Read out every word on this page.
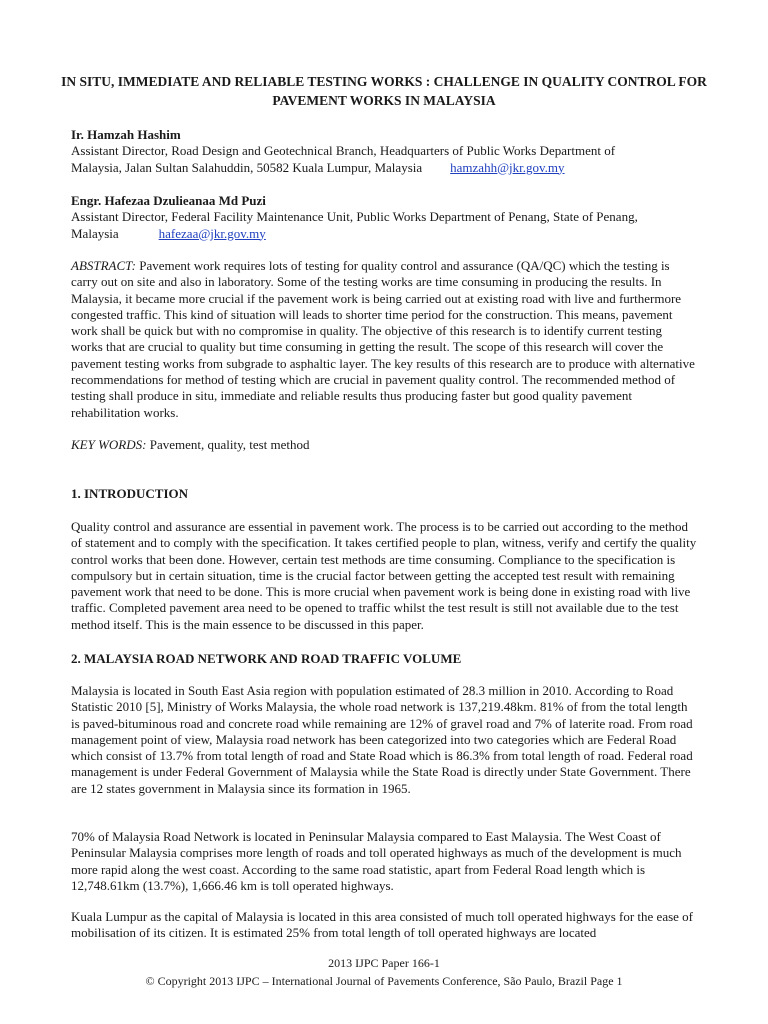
IN SITU, IMMEDIATE AND RELIABLE TESTING WORKS : CHALLENGE IN QUALITY CONTROL FOR PAVEMENT WORKS IN MALAYSIA
Ir. Hamzah Hashim
Assistant Director, Road Design and Geotechnical Branch, Headquarters of Public Works Department of
Malaysia, Jalan Sultan Salahuddin, 50582 Kuala Lumpur, Malaysia hamzahh@jkr.gov.my
Engr. Hafezaa Dzulieanaa Md Puzi
Assistant Director, Federal Facility Maintenance Unit, Public Works Department of Penang, State of Penang,
Malaysia	hafezaa@jkr.gov.my

ABSTRACT: Pavement work requires lots of testing for quality control and assurance (QA/QC) which the testing is carry out on site and also in laboratory. Some of the testing works are time consuming in producing the results. In Malaysia, it became more crucial if the pavement work is being carried out at existing road with live and furthermore congested traffic. This kind of situation will leads to shorter time period for the construction. This means, pavement work shall be quick but with no compromise in quality. The objective of this research is to identify current testing works that are crucial to quality but time consuming in getting the result. The scope of this research will cover the pavement testing works from subgrade to asphaltic layer. The key results of this research are to produce with alternative recommendations for method of testing which are crucial in pavement quality control. The recommended method of testing shall produce in situ, immediate and reliable results thus producing faster but good quality pavement rehabilitation works.

KEY WORDS: Pavement, quality, test method

1. INTRODUCTION

Quality control and assurance are essential in pavement work. The process is to be carried out according to the method of statement and to comply with the specification. It takes certified people to plan, witness, verify and certify the quality control works that been done. However, certain test methods are time consuming. Compliance to the specification is compulsory but in certain situation, time is the crucial factor between getting the accepted test result with remaining pavement work that need to be done. This is more crucial when pavement work is being done in existing road with live traffic. Completed pavement area need to be opened to traffic whilst the test result is still not available due to the test method itself. This is the main essence to be discussed in this paper.

2. MALAYSIA ROAD NETWORK AND ROAD TRAFFIC VOLUME

Malaysia is located in South East Asia region with population estimated of 28.3 million in 2010. According to Road Statistic 2010 [5], Ministry of Works Malaysia, the whole road network is 137,219.48km. 81% of from the total length is paved-bituminous road and concrete road while remaining are 12% of gravel road and 7% of laterite road. From road management point of view, Malaysia road network has been categorized into two categories which are Federal Road which consist of 13.7% from total length of road and State Road which is 86.3% from total length of road. Federal road management is under Federal Government of Malaysia while the State Road is directly under State Government. There are 12 states government in Malaysia since its formation in 1965.

70% of Malaysia Road Network is located in Peninsular Malaysia compared to East Malaysia. The West Coast of Peninsular Malaysia comprises more length of roads and toll operated highways as much of the development is much more rapid along the west coast. According to the same road statistic, apart from Federal Road length which is 12,748.61km (13.7%), 1,666.46 km is toll operated highways.

Kuala Lumpur as the capital of Malaysia is located in this area consisted of much toll operated highways for the ease of mobilisation of its citizen. It is estimated 25% from total length of toll operated highways are located

2013 IJPC Paper 166-1

© Copyright 2013 IJPC – International Journal of Pavements Conference, São Paulo, Brazil Page 1
